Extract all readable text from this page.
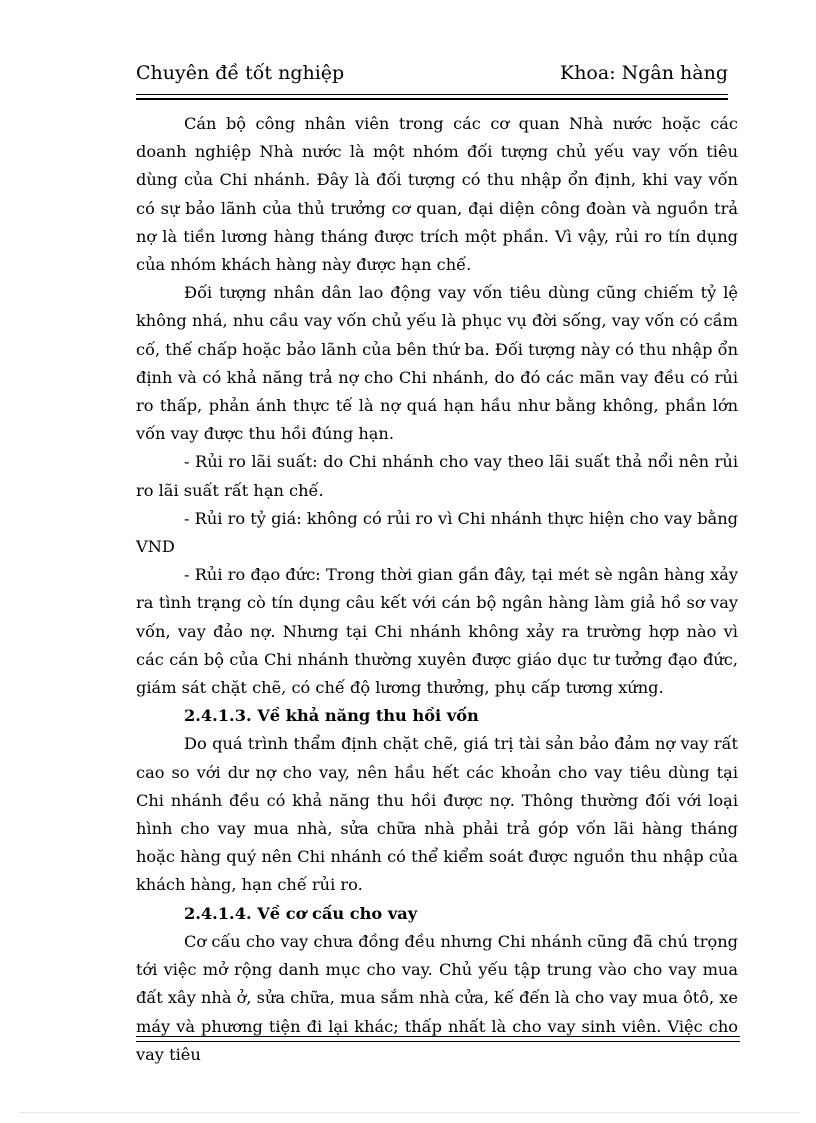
Chuyên đề tốt nghiệp	Khoa: Ngân hàng

Cán bộ công nhân viên trong các cơ quan Nhà nước hoặc các doanh nghiệp Nhà nước là một nhóm đối tượng chủ yếu vay vốn tiêu dùng của Chi nhánh. Đây là đối tượng có thu nhập ổn định, khi vay vốn có sự bảo lãnh của thủ trưởng cơ quan, đại diện công đoàn và nguồn trả nợ là tiền lương hàng tháng được trích một phần. Vì vậy, rủi ro tín dụng của nhóm khách hàng này được hạn chế.

Đối tượng nhân dân lao động vay vốn tiêu dùng cũng chiếm tỷ lệ không nhá, nhu cầu vay vốn chủ yếu là phục vụ đời sống, vay vốn có cầm cố, thế chấp hoặc bảo lãnh của bên thứ ba. Đối tượng này có thu nhập ổn định và có khả năng trả nợ cho Chi nhánh, do đó các mãn vay đều có rủi ro thấp, phản ánh thực tế là nợ quá hạn hầu như bằng không, phần lớn vốn vay được thu hồi đúng hạn.

- Rủi ro lãi suất: do Chi nhánh cho vay theo lãi suất thả nổi nên rủi ro lãi suất rất hạn chế.

- Rủi ro tỷ giá: không có rủi ro vì Chi nhánh thực hiện cho vay bằng VND

- Rủi ro đạo đức: Trong thời gian gần đây, tại mét sè ngân hàng xảy ra tình trạng cò tín dụng câu kết với cán bộ ngân hàng làm giả hồ sơ vay vốn, vay đảo nợ. Nhưng tại Chi nhánh không xảy ra trường hợp nào vì các cán bộ của Chi nhánh thường xuyên được giáo dục tư tưởng đạo đức, giám sát chặt chẽ, có chế độ lương thưởng, phụ cấp tương xứng.

2.4.1.3. Về khả năng thu hồi vốn

Do quá trình thẩm định chặt chẽ, giá trị tài sản bảo đảm nợ vay rất cao so với dư nợ cho vay, nên hầu hết các khoản cho vay tiêu dùng tại Chi nhánh đều có khả năng thu hồi được nợ. Thông thường đối với loại hình cho vay mua nhà, sửa chữa nhà phải trả góp vốn lãi hàng tháng hoặc hàng quý nên Chi nhánh có thể kiểm soát được nguồn thu nhập của khách hàng, hạn chế rủi ro.

2.4.1.4. Về cơ cấu cho vay

Cơ cấu cho vay chưa đồng đều nhưng Chi nhánh cũng đã chú trọng tới việc mở rộng danh mục cho vay. Chủ yếu tập trung vào cho vay mua đất xây nhà ở, sửa chữa, mua sắm nhà cửa, kế đến là cho vay mua ôtô, xe máy và phương tiện đi lại khác; thấp nhất là cho vay sinh viên. Việc cho vay tiêu
